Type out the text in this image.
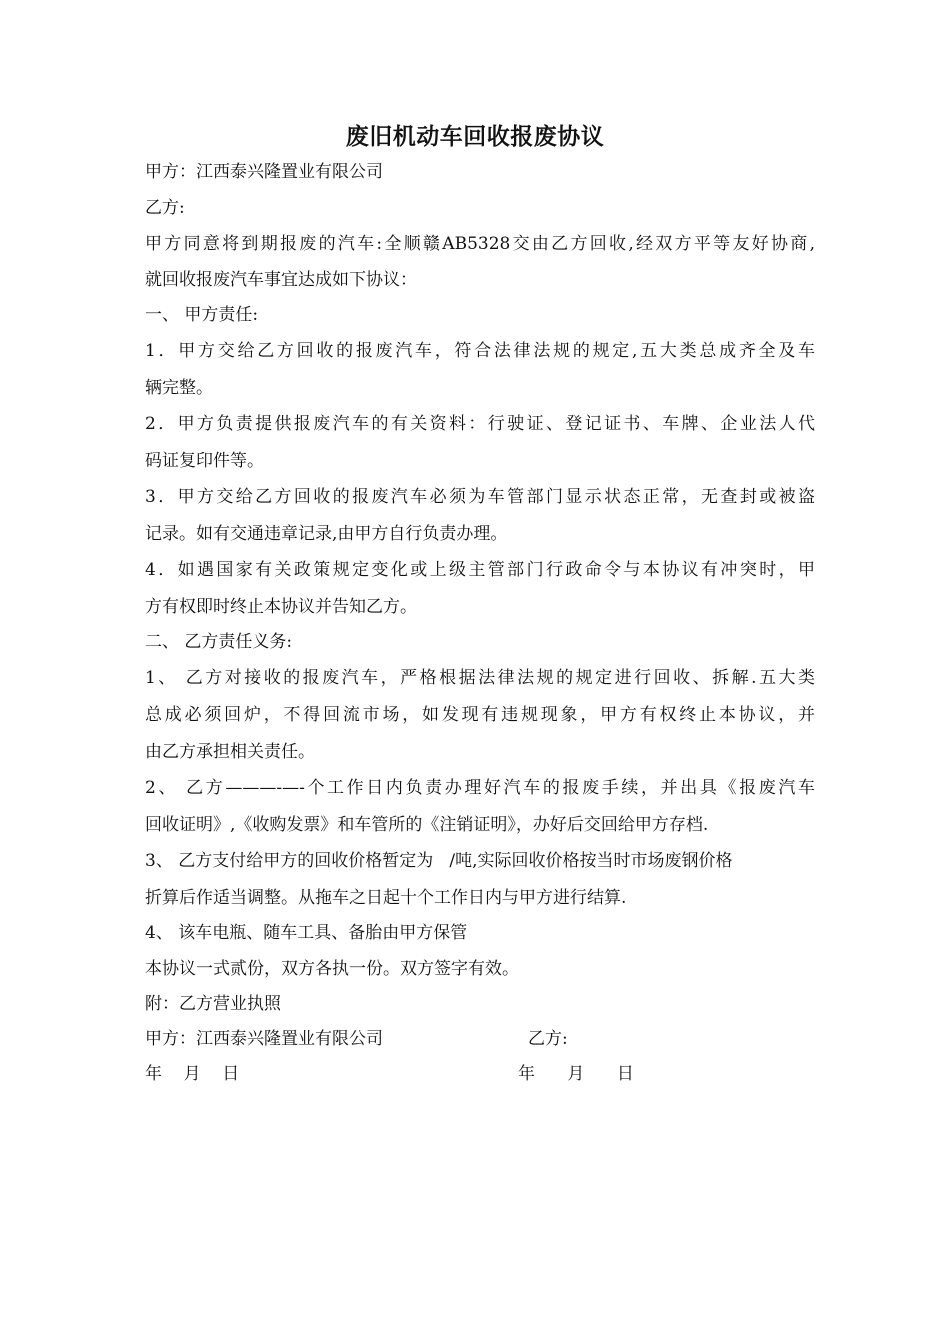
废旧机动车回收报废协议
甲方：江西泰兴隆置业有限公司
乙方:
甲方同意将到期报废的汽车:全顺赣AB5328交由乙方回收,经双方平等友好协商,
就回收报废汽车事宜达成如下协议：
一、 甲方责任:
1．甲方交给乙方回收的报废汽车，符合法律法规的规定,五大类总成齐全及车
辆完整。
2．甲方负责提供报废汽车的有关资料：行驶证、登记证书、车牌、企业法人代
码证复印件等。
3．甲方交给乙方回收的报废汽车必须为车管部门显示状态正常，无查封或被盗
记录。如有交通违章记录,由甲方自行负责办理。
4．如遇国家有关政策规定变化或上级主管部门行政命令与本协议有冲突时，甲
方有权即时终止本协议并告知乙方。
二、 乙方责任义务:
1、 乙方对接收的报废汽车，严格根据法律法规的规定进行回收、拆解.五大类
总成必须回炉，不得回流市场，如发现有违规现象，甲方有权终止本协议，并
由乙方承担相关责任。
2、 乙方———-—-个工作日内负责办理好汽车的报废手续，并出具《报废汽车
回收证明》,《收购发票》和车管所的《注销证明》，办好后交回给甲方存档.
3、 乙方支付给甲方的回收价格暂定为   /吨,实际回收价格按当时市场废钢价格
折算后作适当调整。从拖车之日起十个工作日内与甲方进行结算.
4、 该车电瓶、随车工具、备胎由甲方保管
本协议一式贰份，双方各执一份。双方签字有效。
附：乙方营业执照
甲方：江西泰兴隆置业有限公司	乙方:
年    月    日	年      月      日
